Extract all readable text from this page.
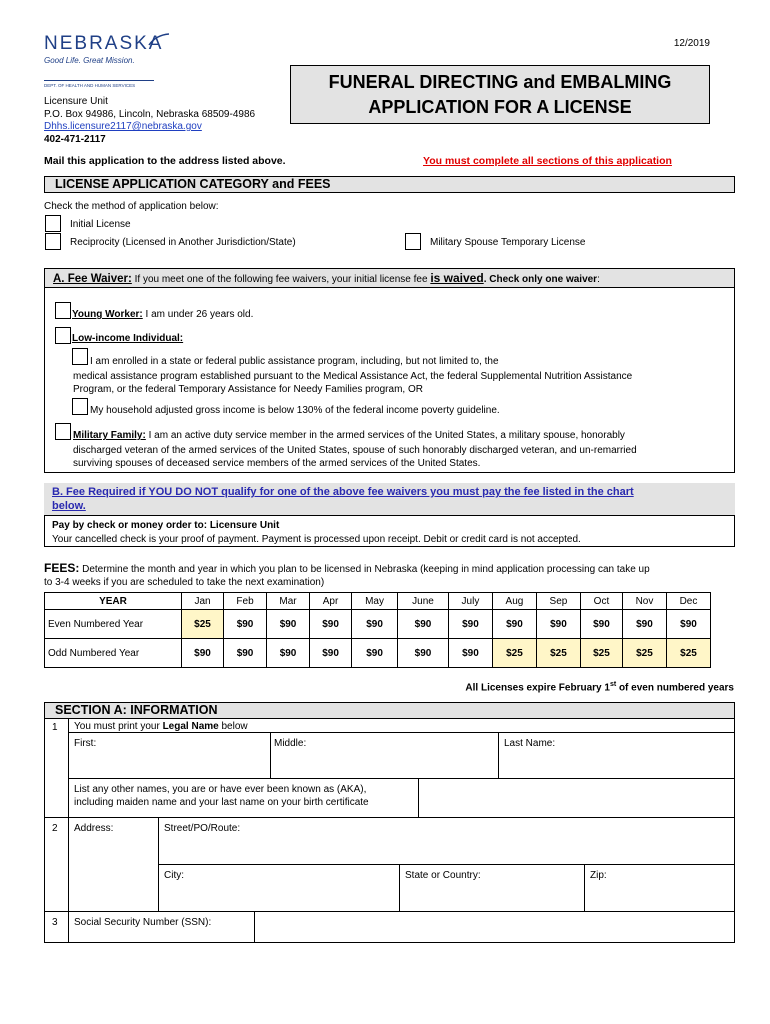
NEBRASKA
Good Life. Great Mission.
DEPT. OF HEALTH AND HUMAN SERVICES
12/2019
Licensure Unit
P.O. Box 94986, Lincoln, Nebraska 68509-4986
Dhhs.licensure2117@nebraska.gov
402-471-2117
FUNERAL DIRECTING and EMBALMING
APPLICATION FOR A LICENSE
Mail this application to the address listed above.	You must complete all sections of this application
LICENSE APPLICATION CATEGORY and FEES
Check the method of application below:
Initial License
Reciprocity (Licensed in Another Jurisdiction/State)	Military Spouse Temporary License
A. Fee Waiver: If you meet one of the following fee waivers, your initial license fee is waived. Check only one waiver:
Young Worker: I am under 26 years old.
Low-income Individual:
I am enrolled in a state or federal public assistance program, including, but not limited to, the
medical assistance program established pursuant to the Medical Assistance Act, the federal Supplemental Nutrition Assistance
Program, or the federal Temporary Assistance for Needy Families program, OR
My household adjusted gross income is below 130% of the federal income poverty guideline.
Military Family: I am an active duty service member in the armed services of the United States, a military spouse, honorably
discharged veteran of the armed services of the United States, spouse of such honorably discharged veteran, and un-remarried
surviving spouses of deceased service members of the armed services of the United States.
B. Fee Required if YOU DO NOT qualify for one of the above fee waivers you must pay the fee listed in the chart
below.
Pay by check or money order to: Licensure Unit
Your cancelled check is your proof of payment. Payment is processed upon receipt. Debit or credit card is not accepted.
FEES: Determine the month and year in which you plan to be licensed in Nebraska (keeping in mind application processing can take up
to 3-4 weeks if you are scheduled to take the next examination)
YEAR	Jan	Feb	Mar	Apr	May	June	July	Aug	Sep	Oct	Nov	Dec
Even Numbered Year	$25	$90	$90	$90	$90	$90	$90	$90	$90	$90	$90	$90
Odd Numbered Year	$90	$90	$90	$90	$90	$90	$90	$25	$25	$25	$25	$25
All Licenses expire February 1st of even numbered years
SECTION A: INFORMATION
1 You must print your Legal Name below
First:	Middle:	Last Name:
List any other names, you are or have ever been known as (AKA),
including maiden name and your last name on your birth certificate
2 Address:	Street/PO/Route:
City:	State or Country:	Zip:
3 Social Security Number (SSN):
